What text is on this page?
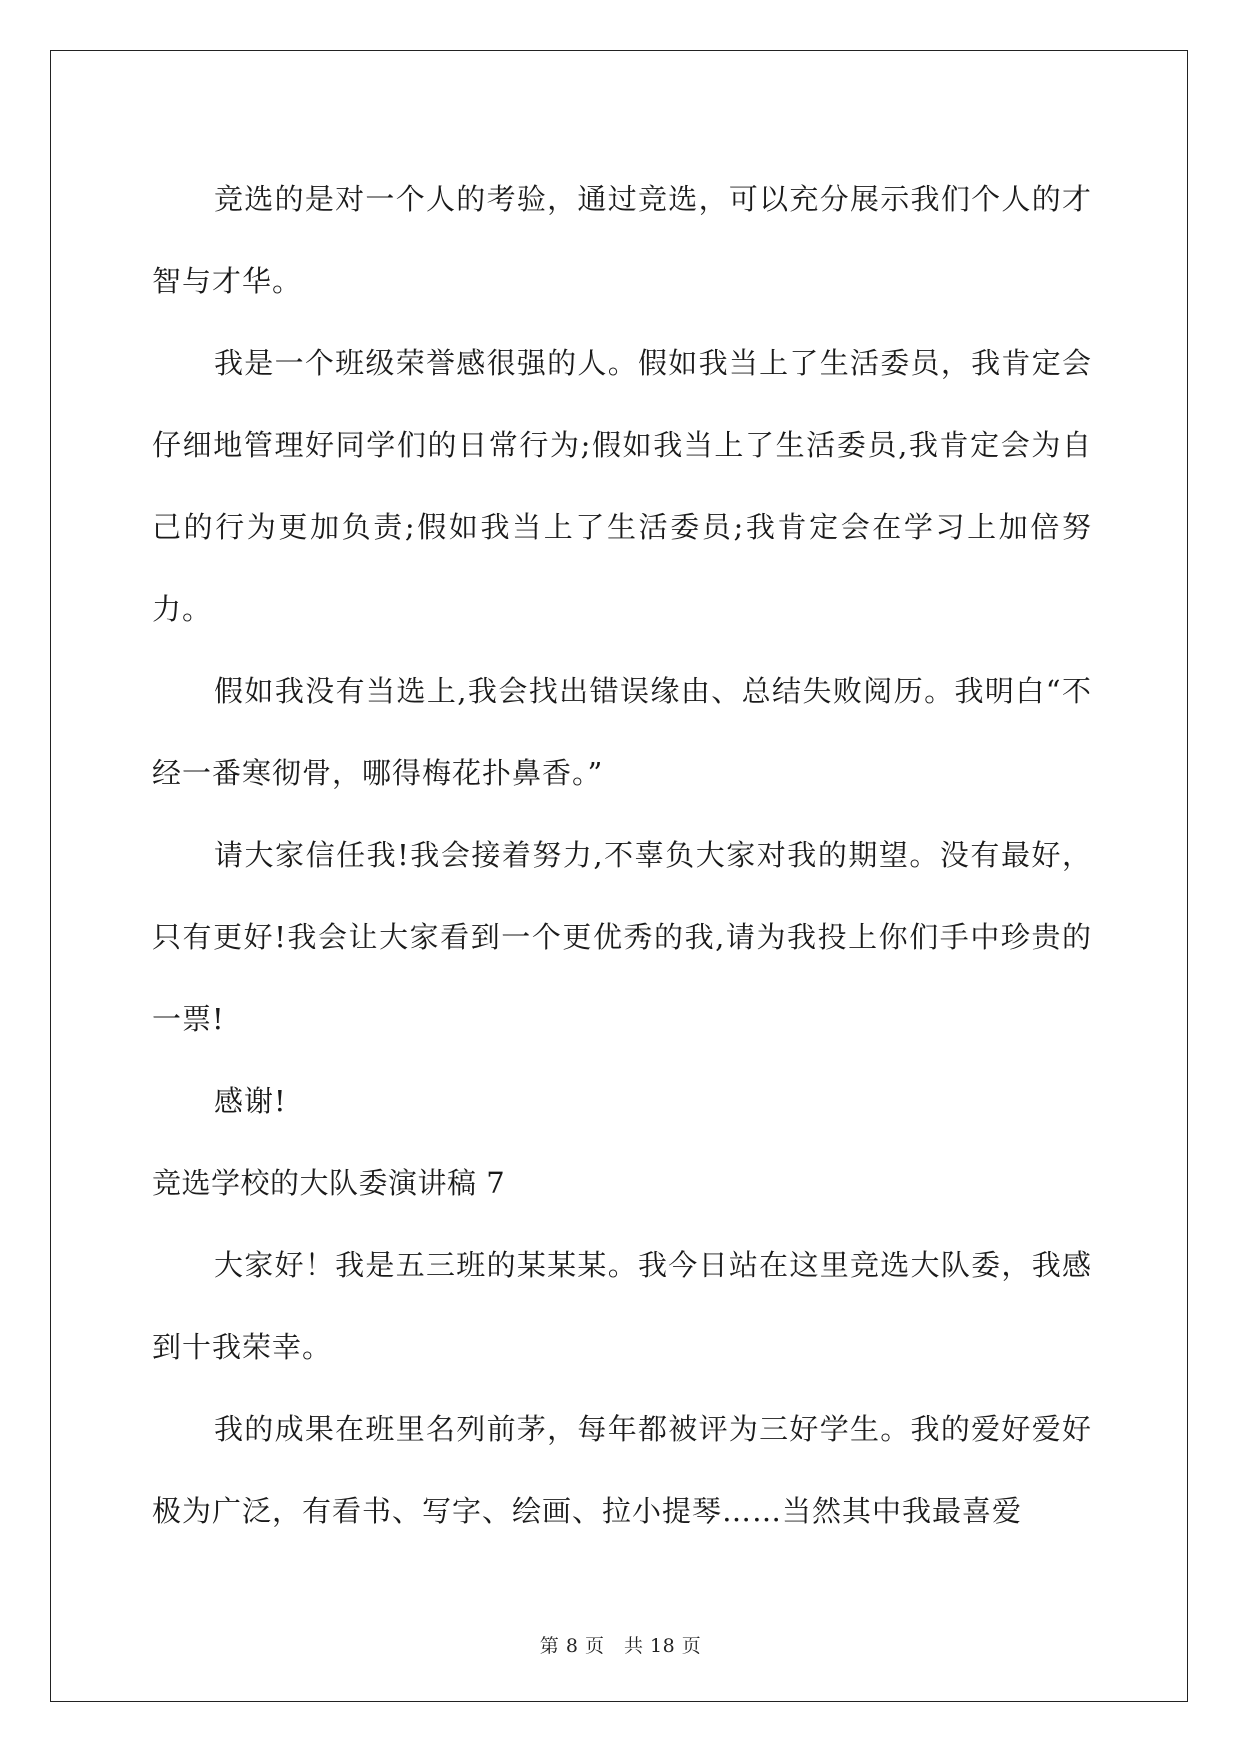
竞选的是对一个人的考验，通过竞选，可以充分展示我们个人的才智与才华。

我是一个班级荣誉感很强的人。假如我当上了生活委员，我肯定会仔细地管理好同学们的日常行为;假如我当上了生活委员,我肯定会为自己的行为更加负责;假如我当上了生活委员;我肯定会在学习上加倍努力。

假如我没有当选上,我会找出错误缘由、总结失败阅历。我明白“不经一番寒彻骨，哪得梅花扑鼻香。”

请大家信任我!我会接着努力,不辜负大家对我的期望。没有最好，只有更好!我会让大家看到一个更优秀的我,请为我投上你们手中珍贵的一票!

感谢!

竞选学校的大队委演讲稿 7

大家好！我是五三班的某某某。我今日站在这里竞选大队委，我感到十我荣幸。

我的成果在班里名列前茅，每年都被评为三好学生。我的爱好爱好极为广泛，有看书、写字、绘画、拉小提琴……当然其中我最喜爱

第 8 页　共 18 页
